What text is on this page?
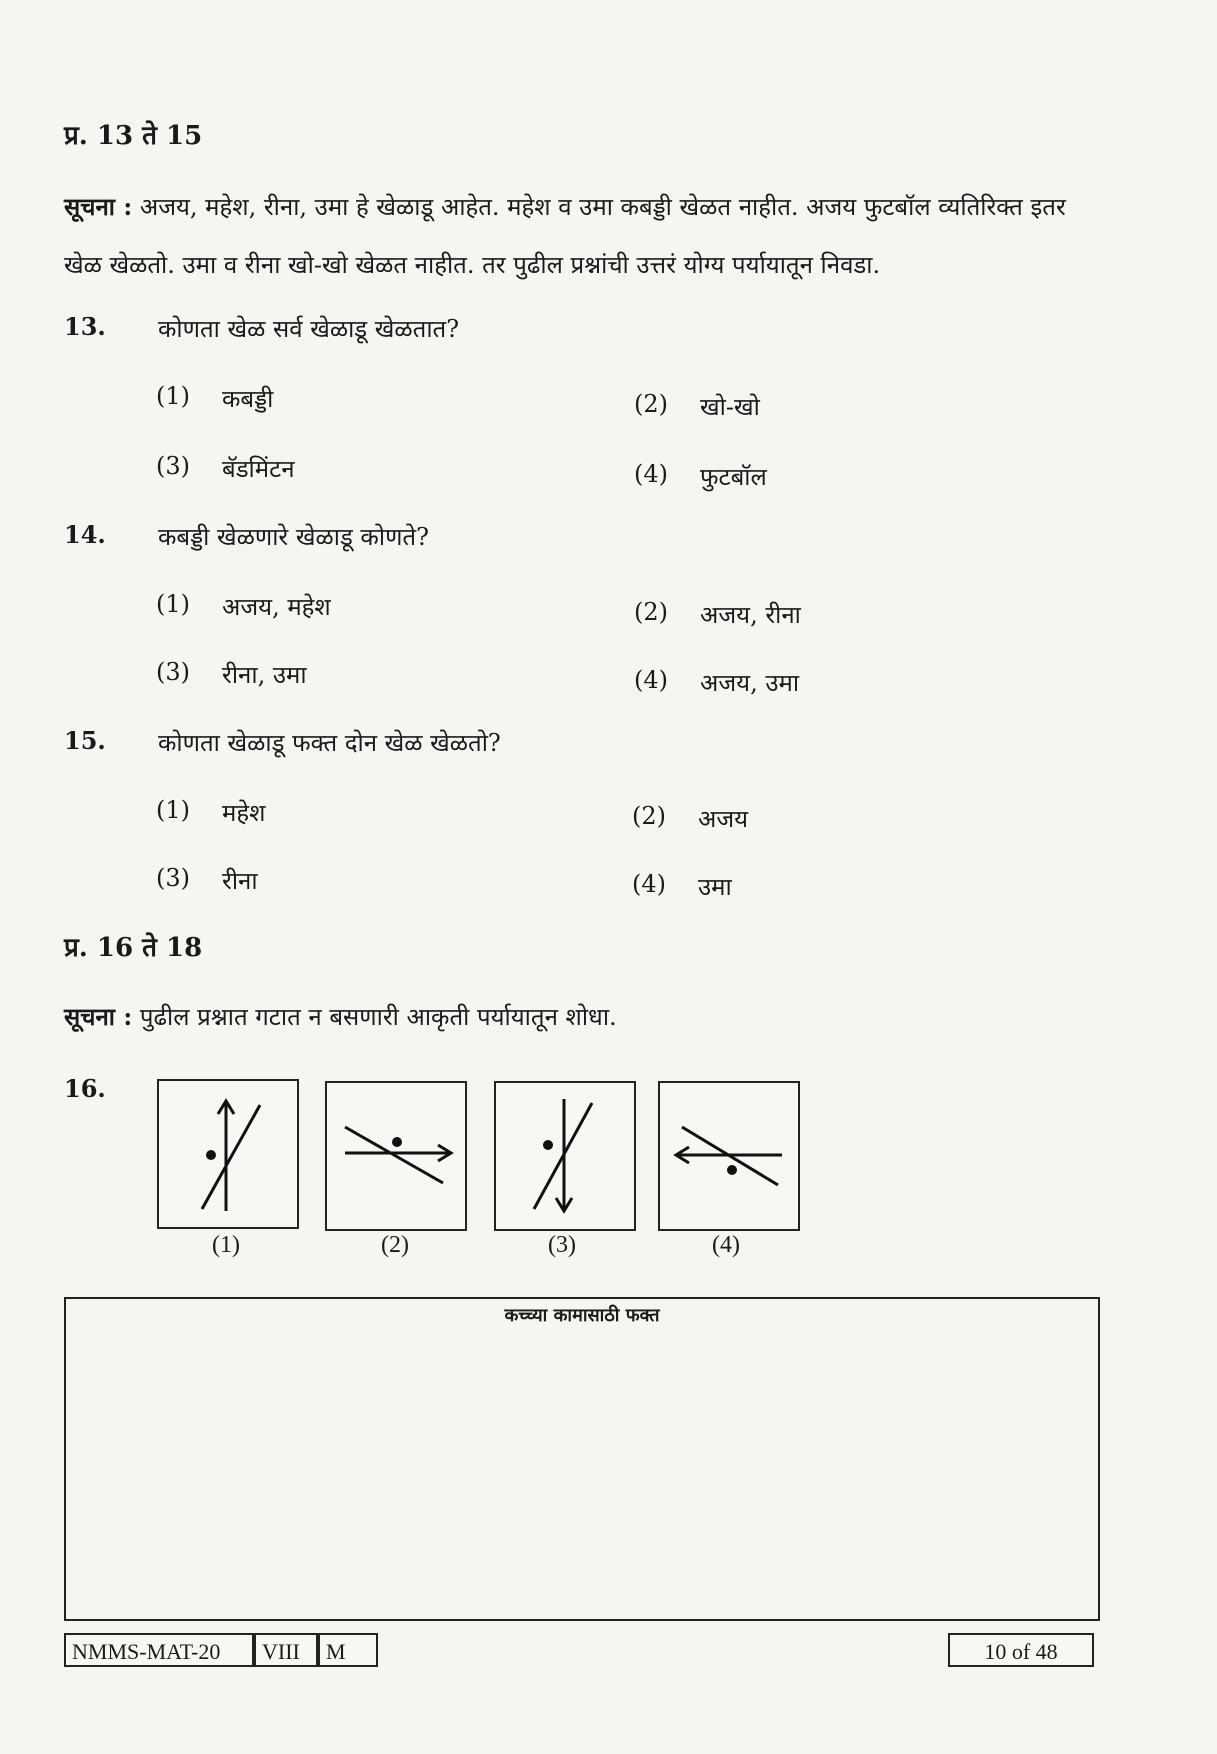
प्र. 13 ते 15
सूचना : अजय, महेश, रीना, उमा हे खेळाडू आहेत. महेश व उमा कबड्डी खेळत नाहीत. अजय फुटबॉल व्यतिरिक्त इतर
खेळ खेळतो. उमा व रीना खो-खो खेळत नाहीत. तर पुढील प्रश्नांची उत्तरं योग्य पर्यायातून निवडा.
13. कोणता खेळ सर्व खेळाडू खेळतात?
(1) कबड्डी	(2) खो-खो
(3) बॅडमिंटन	(4) फुटबॉल
14. कबड्डी खेळणारे खेळाडू कोणते?
(1) अजय, महेश	(2) अजय, रीना
(3) रीना, उमा	(4) अजय, उमा
15. कोणता खेळाडू फक्त दोन खेळ खेळतो?
(1) महेश	(2) अजय
(3) रीना	(4) उमा
प्र. 16 ते 18
सूचना : पुढील प्रश्नात गटात न बसणारी आकृती पर्यायातून शोधा.
16.
(1)	(2)	(3)	(4)
कच्च्या कामासाठी फक्त
NMMS-MAT-20	VIII	M	10 of 48
